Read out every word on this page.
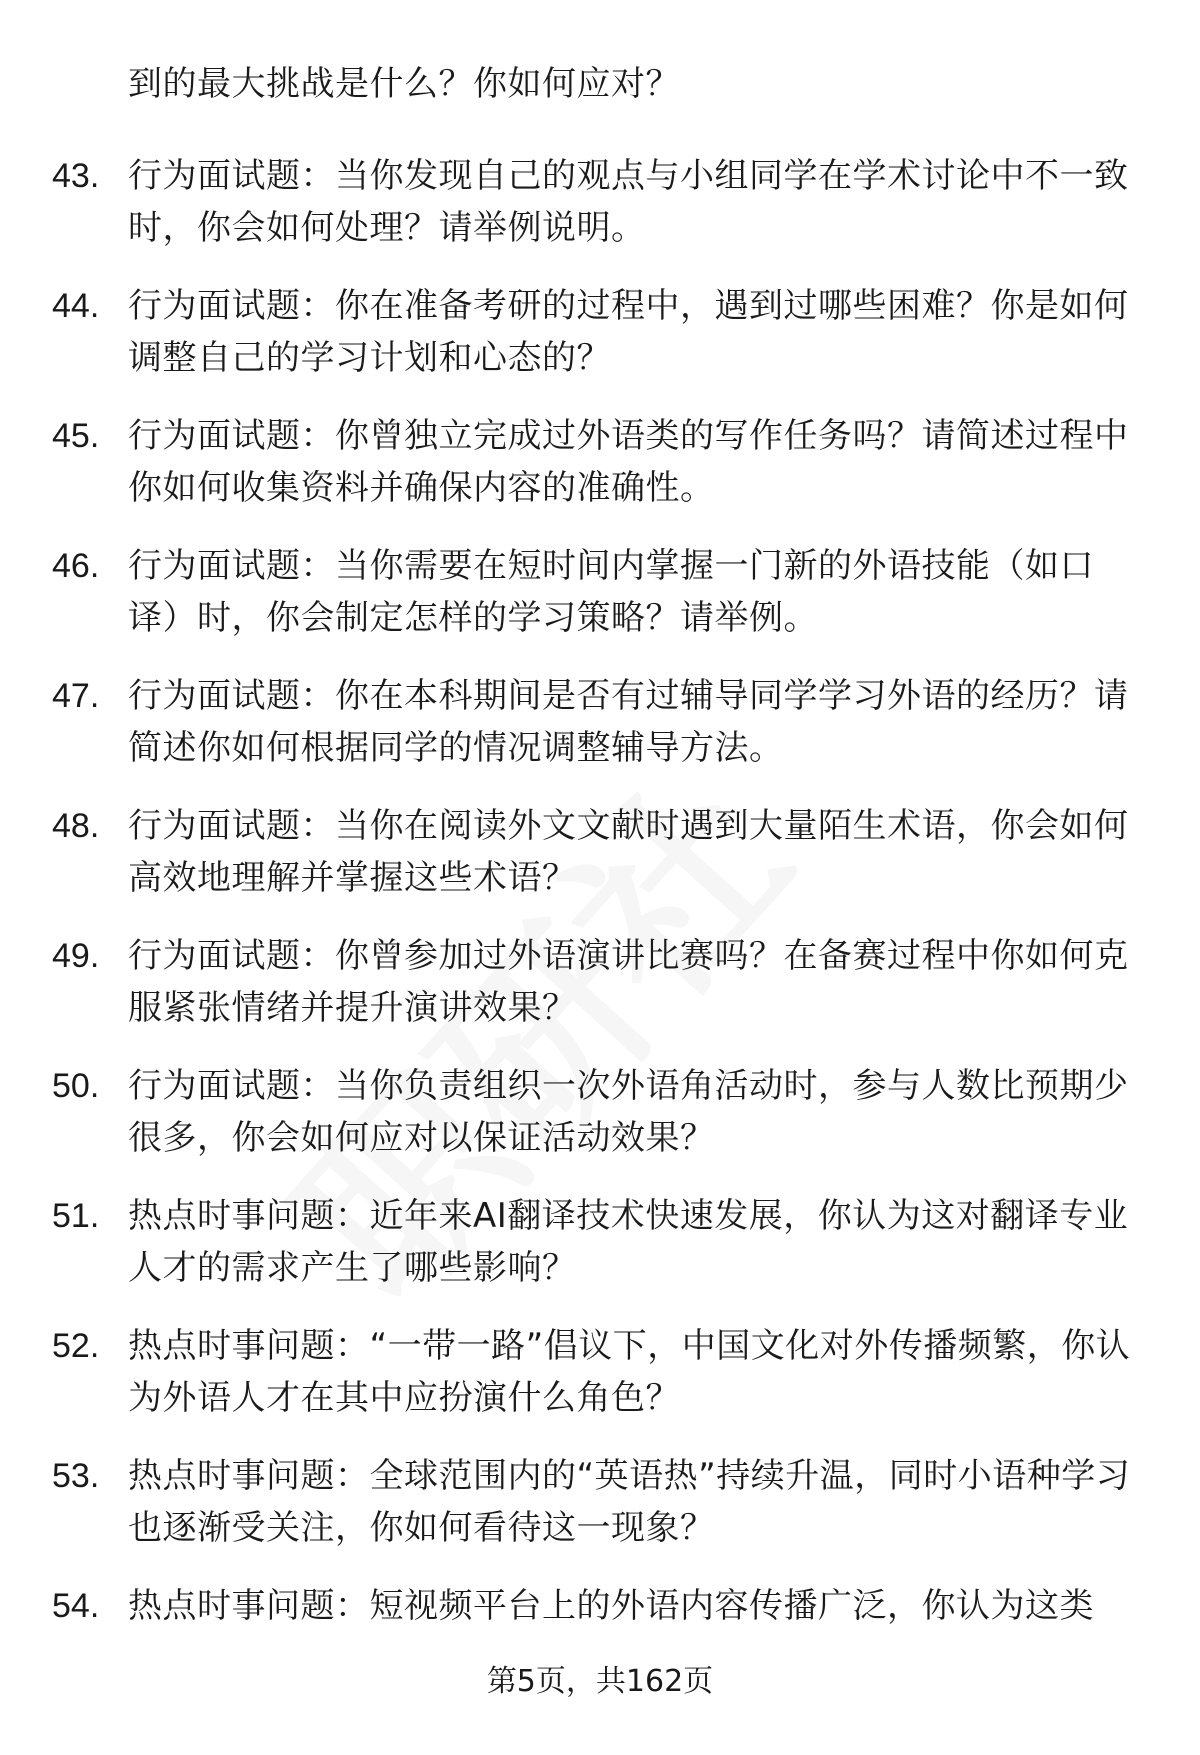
到的最大挑战是什么？你如何应对？
43. 行为面试题：当你发现自己的观点与小组同学在学术讨论中不一致时，你会如何处理？请举例说明。
44. 行为面试题：你在准备考研的过程中，遇到过哪些困难？你是如何调整自己的学习计划和心态的？
45. 行为面试题：你曾独立完成过外语类的写作任务吗？请简述过程中你如何收集资料并确保内容的准确性。
46. 行为面试题：当你需要在短时间内掌握一门新的外语技能（如口译）时，你会制定怎样的学习策略？请举例。
47. 行为面试题：你在本科期间是否有过辅导同学学习外语的经历？请简述你如何根据同学的情况调整辅导方法。
48. 行为面试题：当你在阅读外文文献时遇到大量陌生术语，你会如何高效地理解并掌握这些术语？
49. 行为面试题：你曾参加过外语演讲比赛吗？在备赛过程中你如何克服紧张情绪并提升演讲效果？
50. 行为面试题：当你负责组织一次外语角活动时，参与人数比预期少很多，你会如何应对以保证活动效果？
51. 热点时事问题：近年来AI翻译技术快速发展，你认为这对翻译专业人才的需求产生了哪些影响？
52. 热点时事问题：“一带一路”倡议下，中国文化对外传播频繁，你认为外语人才在其中应扮演什么角色？
53. 热点时事问题：全球范围内的“英语热”持续升温，同时小语种学习也逐渐受关注，你如何看待这一现象？
54. 热点时事问题：短视频平台上的外语内容传播广泛，你认为这类
第5页，共162页
